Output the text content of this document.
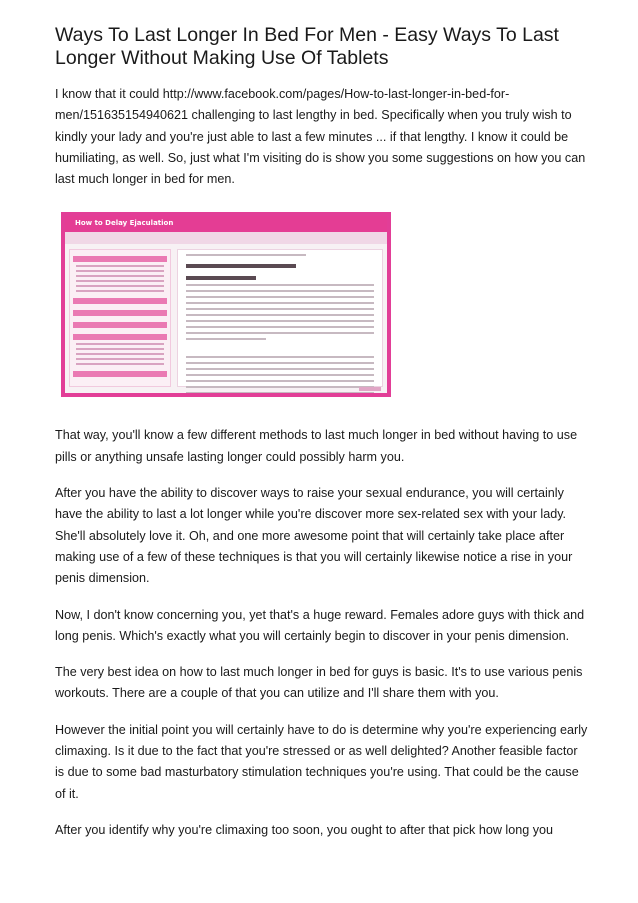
Ways To Last Longer In Bed For Men - Easy Ways To Last Longer Without Making Use Of Tablets

I know that it could http://www.facebook.com/pages/How-to-last-longer-in-bed-for-men/151635154940621 challenging to last lengthy in bed. Specifically when you truly wish to kindly your lady and you're just able to last a few minutes ... if that lengthy. I know it could be humiliating, as well. So, just what I'm visiting do is show you some suggestions on how you can last much longer in bed for men.

How to Delay Ejaculation

That way, you'll know a few different methods to last much longer in bed without having to use pills or anything unsafe lasting longer could possibly harm you.

After you have the ability to discover ways to raise your sexual endurance, you will certainly have the ability to last a lot longer while you're discover more sex-related sex with your lady. She'll absolutely love it. Oh, and one more awesome point that will certainly take place after making use of a few of these techniques is that you will certainly likewise notice a rise in your penis dimension.

Now, I don't know concerning you, yet that's a huge reward. Females adore guys with thick and long penis. Which's exactly what you will certainly begin to discover in your penis dimension.

The very best idea on how to last much longer in bed for guys is basic. It's to use various penis workouts. There are a couple of that you can utilize and I'll share them with you.

However the initial point you will certainly have to do is determine why you're experiencing early climaxing. Is it due to the fact that you're stressed or as well delighted? Another feasible factor is due to some bad masturbatory stimulation techniques you're using. That could be the cause of it.

After you identify why you're climaxing too soon, you ought to after that pick how long you
